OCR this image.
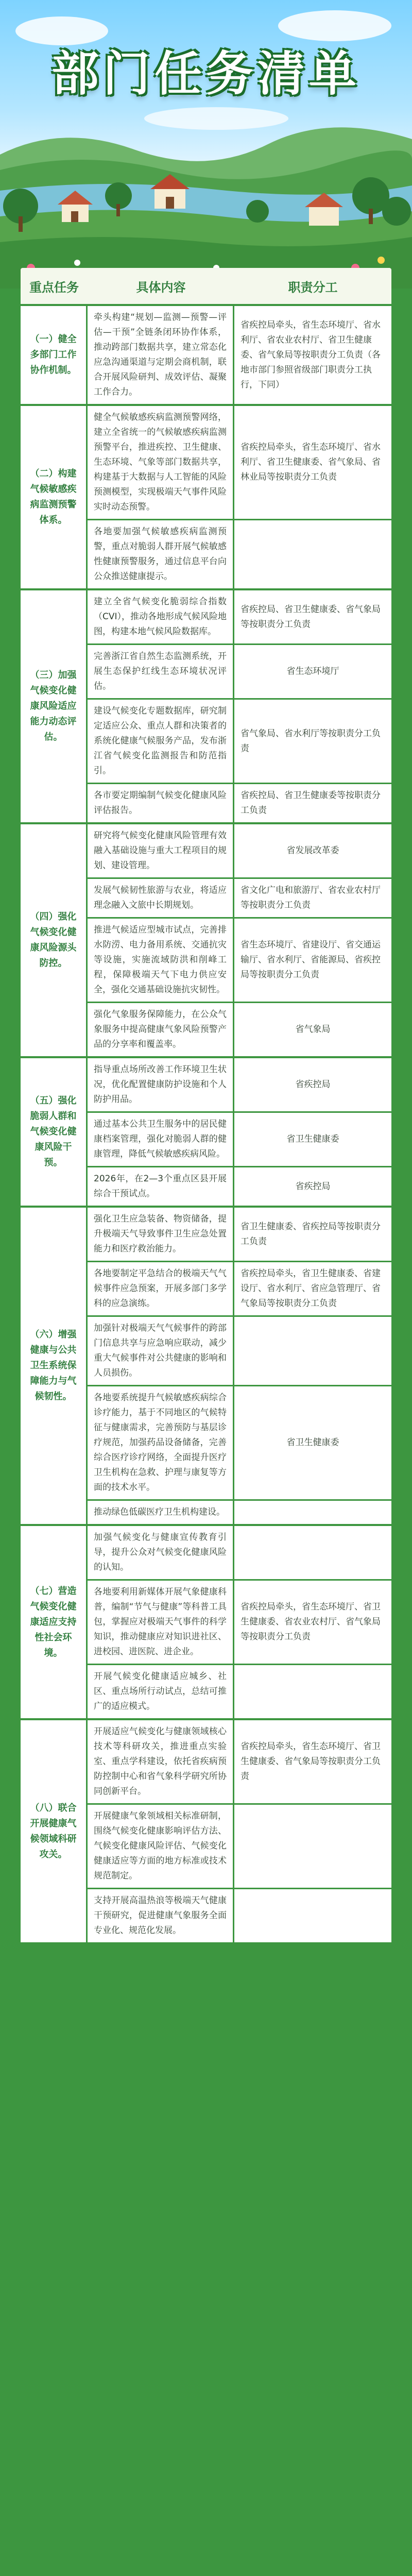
部门任务清单
重点任务	具体内容	职责分工
（一）健全多部门工作协作机制。
牵头构建“规划—监测—预警—评估—干预”全链条闭环协作体系，推动跨部门数据共享，建立常态化应急沟通渠道与定期会商机制，联合开展风险研判、成效评估、凝聚工作合力。
省疾控局牵头，省生态环境厅、省水利厅、省农业农村厅、省卫生健康委、省气象局等按职责分工负责（各地市部门参照省级部门职责分工执行，下同）
（二）构建气候敏感疾病监测预警体系。
健全气候敏感疾病监测预警网络，建立全省统一的气候敏感疾病监测预警平台，推进疾控、卫生健康、生态环境、气象等部门数据共享，构建基于大数据与人工智能的风险预测模型，实现极端天气事件风险实时动态预警。
省疾控局牵头，省生态环境厅、省水利厅、省卫生健康委、省气象局、省林业局等按职责分工负责
各地要加强气候敏感疾病监测预警，重点对脆弱人群开展气候敏感性健康预警服务，通过信息平台向公众推送健康提示。
（三）加强气候变化健康风险适应能力动态评估。
建立全省气候变化脆弱综合指数（CVI），推动各地形成气候风险地图，构建本地气候风险数据库。
省疾控局、省卫生健康委、省气象局等按职责分工负责
完善浙江省自然生态监测系统，开展生态保护红线生态环境状况评估。
省生态环境厅
建设气候变化专题数据库，研究制定适应公众、重点人群和决策者的系统化健康气候服务产品，发布浙江省气候变化监测报告和防范指引。
省气象局、省水利厅等按职责分工负责
各市要定期编制气候变化健康风险评估报告。
省疾控局、省卫生健康委等按职责分工负责
（四）强化气候变化健康风险源头防控。
研究将气候变化健康风险管理有效融入基础设施与重大工程项目的规划、建设管理。
省发展改革委
发展气候韧性旅游与农业，将适应理念融入文旅中长期规划。
省文化广电和旅游厅、省农业农村厅等按职责分工负责
推进气候适应型城市试点，完善排水防涝、电力备用系统、交通抗灾等设施，实施流域防洪和削峰工程，保障极端天气下电力供应安全，强化交通基础设施抗灾韧性。
省生态环境厅、省建设厅、省交通运输厅、省水利厅、省能源局、省疾控局等按职责分工负责
强化气象服务保障能力，在公众气象服务中提高健康气象风险预警产品的分享率和覆盖率。
省气象局
（五）强化脆弱人群和气候变化健康风险干预。
指导重点场所改善工作环境卫生状况，优化配置健康防护设施和个人防护用品。
省疾控局
通过基本公共卫生服务中的居民健康档案管理，强化对脆弱人群的健康管理，降低气候敏感疾病风险。
省卫生健康委
2026年，在2—3个重点区县开展综合干预试点。
省疾控局
（六）增强健康与公共卫生系统保障能力与气候韧性。
强化卫生应急装备、物资储备，提升极端天气导致事件卫生应急处置能力和医疗救治能力。
省卫生健康委、省疾控局等按职责分工负责
各地要制定平急结合的极端天气气候事件应急预案，开展多部门多学科的应急演练。
省疾控局牵头，省卫生健康委、省建设厅、省水利厅、省应急管理厅、省气象局等按职责分工负责
加强针对极端天气气候事件的跨部门信息共享与应急响应联动，减少重大气候事件对公共健康的影响和人员损伤。
各地要系统提升气候敏感疾病综合诊疗能力，基于不同地区的气候特征与健康需求，完善预防与基层诊疗规范，加强药品设备储备，完善综合医疗诊疗网络，全面提升医疗卫生机构在急救、护理与康复等方面的技术水平。
省卫生健康委
推动绿色低碳医疗卫生机构建设。
（七）营造气候变化健康适应支持性社会环境。
加强气候变化与健康宣传教育引导，提升公众对气候变化健康风险的认知。
各地要利用新媒体开展气象健康科普，编制“节气与健康”等科普工具包，掌握应对极端天气事件的科学知识，推动健康应对知识进社区、进校园、进医院、进企业。
省疾控局牵头，省生态环境厅、省卫生健康委、省农业农村厅、省气象局等按职责分工负责
开展气候变化健康适应城乡、社区、重点场所行动试点，总结可推广的适应模式。
（八）联合开展健康气候领域科研攻关。
开展适应气候变化与健康领域核心技术等科研攻关，推进重点实验室、重点学科建设，依托省疾病预防控制中心和省气象科学研究所协同创新平台。
省疾控局牵头，省生态环境厅、省卫生健康委、省气象局等按职责分工负责
开展健康气象领域相关标准研制，围绕气候变化健康影响评估方法、气候变化健康风险评估、气候变化健康适应等方面的地方标准或技术规范制定。
支持开展高温热浪等极端天气健康干预研究，促进健康气象服务全面专业化、规范化发展。
